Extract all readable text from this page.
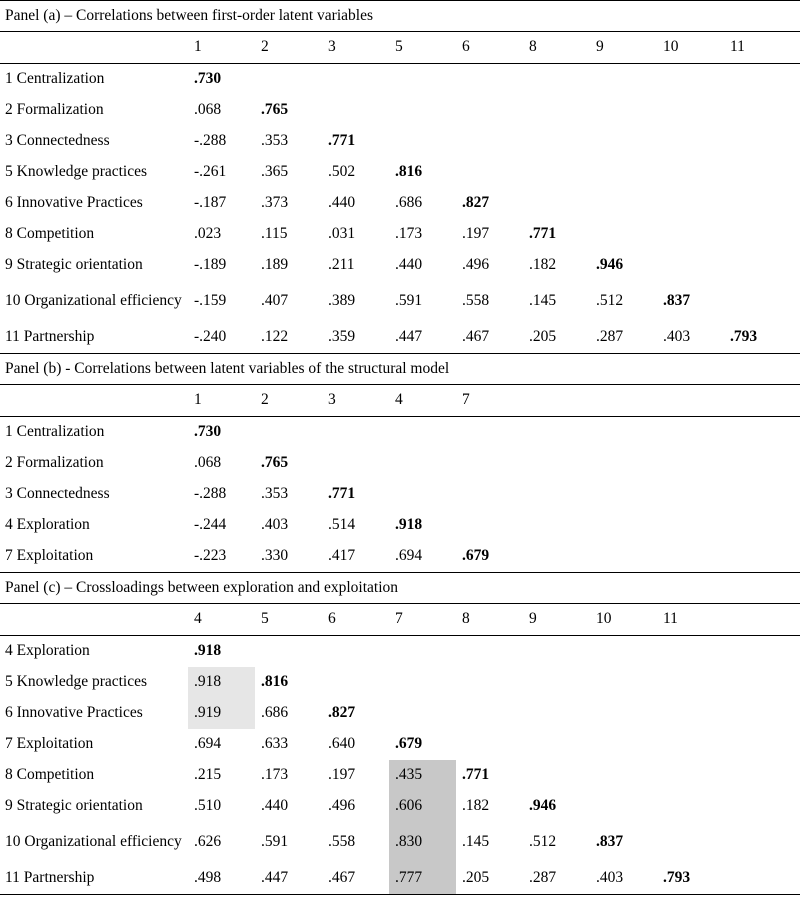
Panel (a) – Correlations between first-order latent variables									
	1	2	3	5	6	8	9	10	11
1 Centralization	.730								
2 Formalization	.068	.765							
3 Connectedness	-.288	.353	.771						
5 Knowledge practices	-.261	.365	.502	.816					
6 Innovative Practices	-.187	.373	.440	.686	.827				
8 Competition	.023	.115	.031	.173	.197	.771			
9 Strategic orientation	-.189	.189	.211	.440	.496	.182	.946		
10 Organizational efficiency	-.159	.407	.389	.591	.558	.145	.512	.837	
11 Partnership	-.240	.122	.359	.447	.467	.205	.287	.403	.793
Panel (b) - Correlations between latent variables of the structural model									
	1	2	3	4	7				
1 Centralization	.730								
2 Formalization	.068	.765							
3 Connectedness	-.288	.353	.771						
4 Exploration	-.244	.403	.514	.918					
7 Exploitation	-.223	.330	.417	.694	.679				
Panel (c) – Crossloadings between exploration and exploitation									
	4	5	6	7	8	9	10	11	
4 Exploration	.918								
5 Knowledge practices	.918	.816							
6 Innovative Practices	.919	.686	.827						
7 Exploitation	.694	.633	.640	.679					
8 Competition	.215	.173	.197	.435	.771				
9 Strategic orientation	.510	.440	.496	.606	.182	.946			
10 Organizational efficiency	.626	.591	.558	.830	.145	.512	.837		
11 Partnership	.498	.447	.467	.777	.205	.287	.403	.793	
